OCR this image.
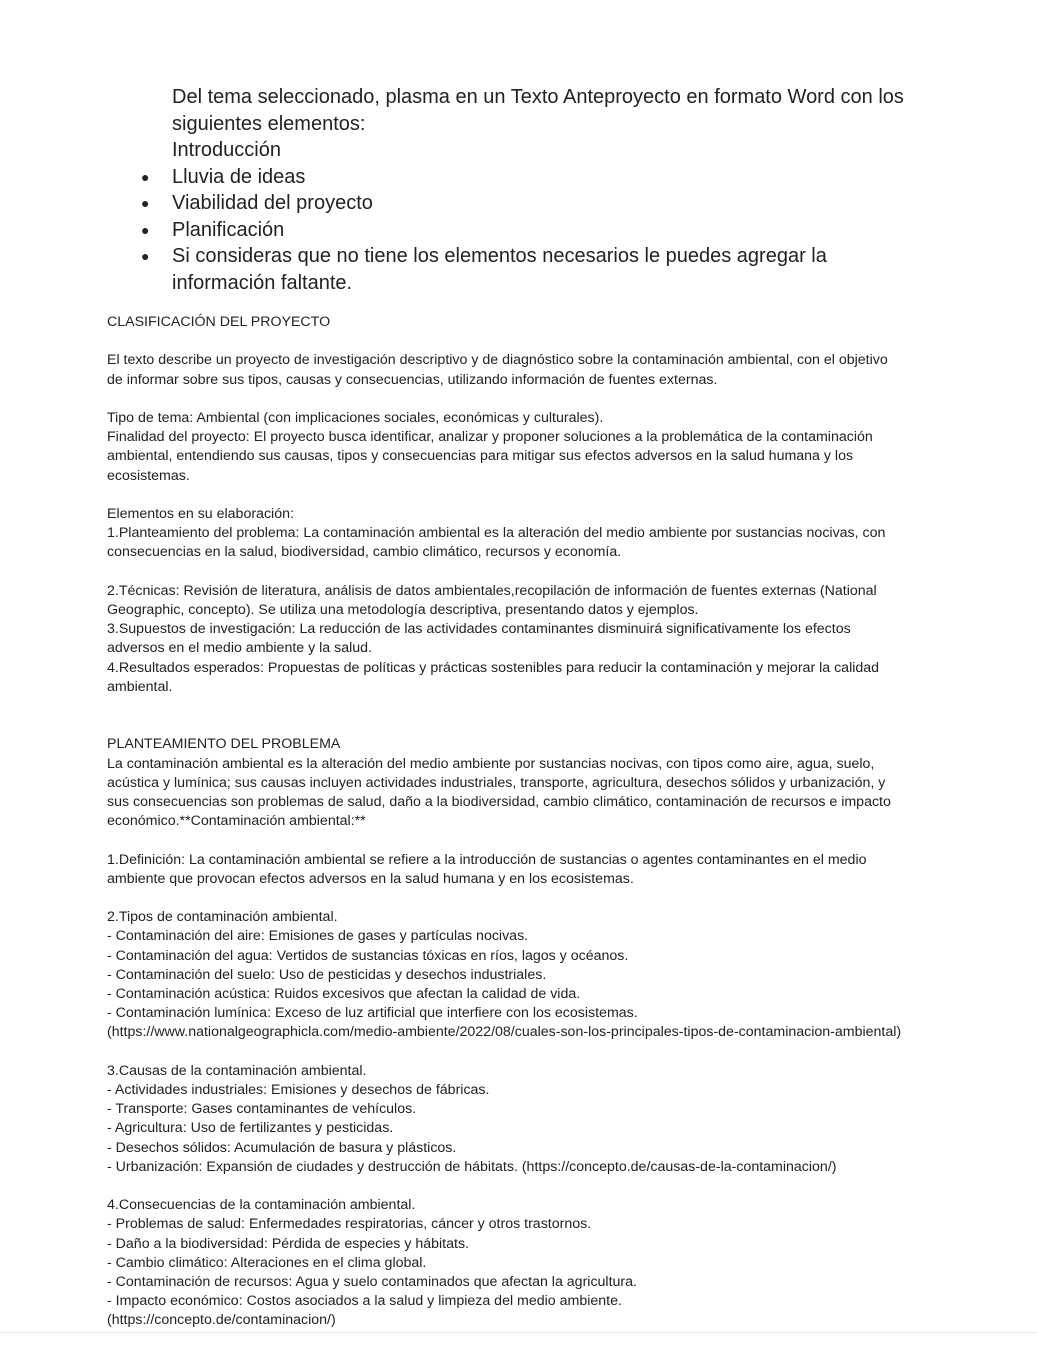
Del tema seleccionado, plasma en un Texto Anteproyecto en formato Word con los
siguientes elementos:
Introducción

● Lluvia de ideas
● Viabilidad del proyecto
● Planificación
● Si consideras que no tiene los elementos necesarios le puedes agregar la
información faltante.
CLASIFICACIÓN DEL PROYECTO
El texto describe un proyecto de investigación descriptivo y de diagnóstico sobre la contaminación ambiental, con el objetivo
de informar sobre sus tipos, causas y consecuencias, utilizando información de fuentes externas.
Tipo de tema: Ambiental (con implicaciones sociales, económicas y culturales).
Finalidad del proyecto: El proyecto busca identificar, analizar y proponer soluciones a la problemática de la contaminación
ambiental, entendiendo sus causas, tipos y consecuencias para mitigar sus efectos adversos en la salud humana y los
ecosistemas.
Elementos en su elaboración:
1.Planteamiento del problema: La contaminación ambiental es la alteración del medio ambiente por sustancias nocivas, con
consecuencias en la salud, biodiversidad, cambio climático, recursos y economía.
2.Técnicas: Revisión de literatura, análisis de datos ambientales,recopilación de información de fuentes externas (National
Geographic, concepto). Se utiliza una metodología descriptiva, presentando datos y ejemplos.
3.Supuestos de investigación: La reducción de las actividades contaminantes disminuirá significativamente los efectos
adversos en el medio ambiente y la salud.
4.Resultados esperados: Propuestas de políticas y prácticas sostenibles para reducir la contaminación y mejorar la calidad
ambiental.
PLANTEAMIENTO DEL PROBLEMA
La contaminación ambiental es la alteración del medio ambiente por sustancias nocivas, con tipos como aire, agua, suelo,
acústica y lumínica; sus causas incluyen actividades industriales, transporte, agricultura, desechos sólidos y urbanización, y
sus consecuencias son problemas de salud, daño a la biodiversidad, cambio climático, contaminación de recursos e impacto
económico.**Contaminación ambiental:**
1.Definición: La contaminación ambiental se refiere a la introducción de sustancias o agentes contaminantes en el medio
ambiente que provocan efectos adversos en la salud humana y en los ecosistemas.
2.Tipos de contaminación ambiental.
- Contaminación del aire: Emisiones de gases y partículas nocivas.
- Contaminación del agua: Vertidos de sustancias tóxicas en ríos, lagos y océanos.
- Contaminación del suelo: Uso de pesticidas y desechos industriales.
- Contaminación acústica: Ruidos excesivos que afectan la calidad de vida.
- Contaminación lumínica: Exceso de luz artificial que interfiere con los ecosistemas.
(https://www.nationalgeographicla.com/medio-ambiente/2022/08/cuales-son-los-principales-tipos-de-contaminacion-ambiental)
3.Causas de la contaminación ambiental.
- Actividades industriales: Emisiones y desechos de fábricas.
- Transporte: Gases contaminantes de vehículos.
- Agricultura: Uso de fertilizantes y pesticidas.
- Desechos sólidos: Acumulación de basura y plásticos.
- Urbanización: Expansión de ciudades y destrucción de hábitats. (https://concepto.de/causas-de-la-contaminacion/)
4.Consecuencias de la contaminación ambiental.
- Problemas de salud: Enfermedades respiratorias, cáncer y otros trastornos.
- Daño a la biodiversidad: Pérdida de especies y hábitats.
- Cambio climático: Alteraciones en el clima global.
- Contaminación de recursos: Agua y suelo contaminados que afectan la agricultura.
- Impacto económico: Costos asociados a la salud y limpieza del medio ambiente.
(https://concepto.de/contaminacion/)
